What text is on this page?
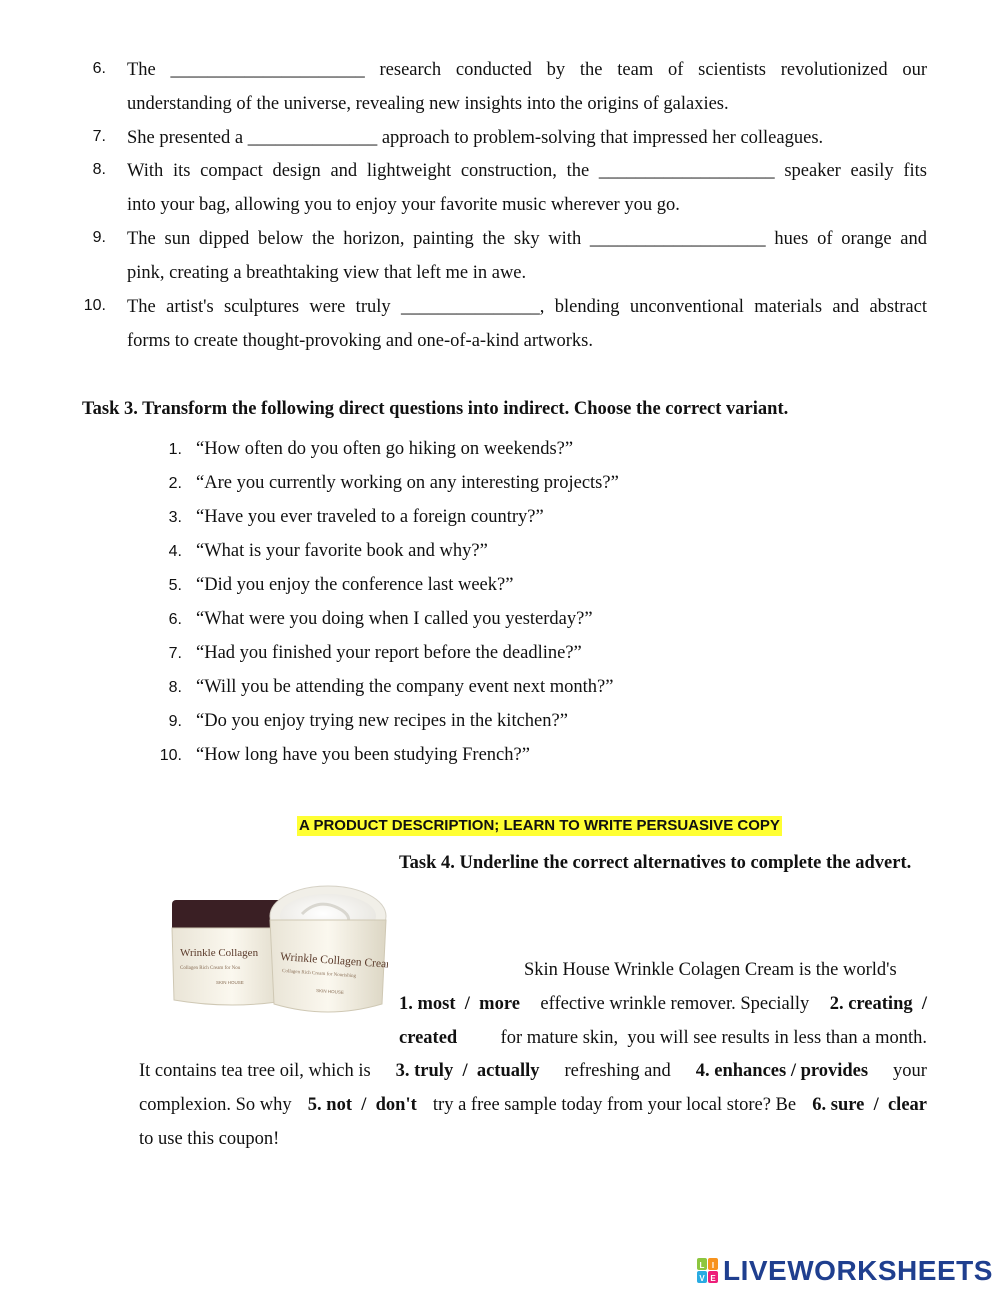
6. The _____________________ research conducted by the team of scientists revolutionized our
understanding of the universe, revealing new insights into the origins of galaxies.
7. She presented a ______________ approach to problem-solving that impressed her colleagues.
8. With its compact design and lightweight construction, the ___________________ speaker easily fits
into your bag, allowing you to enjoy your favorite music wherever you go.
9. The sun dipped below the horizon, painting the sky with ___________________ hues of orange and
pink, creating a breathtaking view that left me in awe.
10. The artist's sculptures were truly _______________, blending unconventional materials and abstract
forms to create thought-provoking and one-of-a-kind artworks.
Task 3. Transform the following direct questions into indirect. Choose the correct variant.
1. “How often do you often go hiking on weekends?”
2. “Are you currently working on any interesting projects?”
3. “Have you ever traveled to a foreign country?”
4. “What is your favorite book and why?”
5. “Did you enjoy the conference last week?”
6. “What were you doing when I called you yesterday?”
7. “Had you finished your report before the deadline?”
8. “Will you be attending the company event next month?”
9. “Do you enjoy trying new recipes in the kitchen?”
10. “How long have you been studying French?”
A PRODUCT DESCRIPTION; LEARN TO WRITE PERSUASIVE COPY
Wrinkle Collagen
Collagen Rich Cream for Nou
SKIN HOUSE
Wrinkle Collagen Cream
Collagen Rich Cream for Nourishing
SKIN HOUSE
Task 4. Underline the correct alternatives to complete the advert.
Skin House Wrinkle Colagen Cream is the world's
1. most  /  more effective wrinkle remover. Specially 2. creating  /
created for mature skin,  you will see results in less than a month.
It contains tea tree oil, which is 3. truly  /  actually refreshing and 4. enhances / provides your
complexion. So why 5. not  /  don't try a free sample today from your local store? Be 6. sure  /  clear
to use this coupon!
L I
V E LIVEWORKSHEETS
